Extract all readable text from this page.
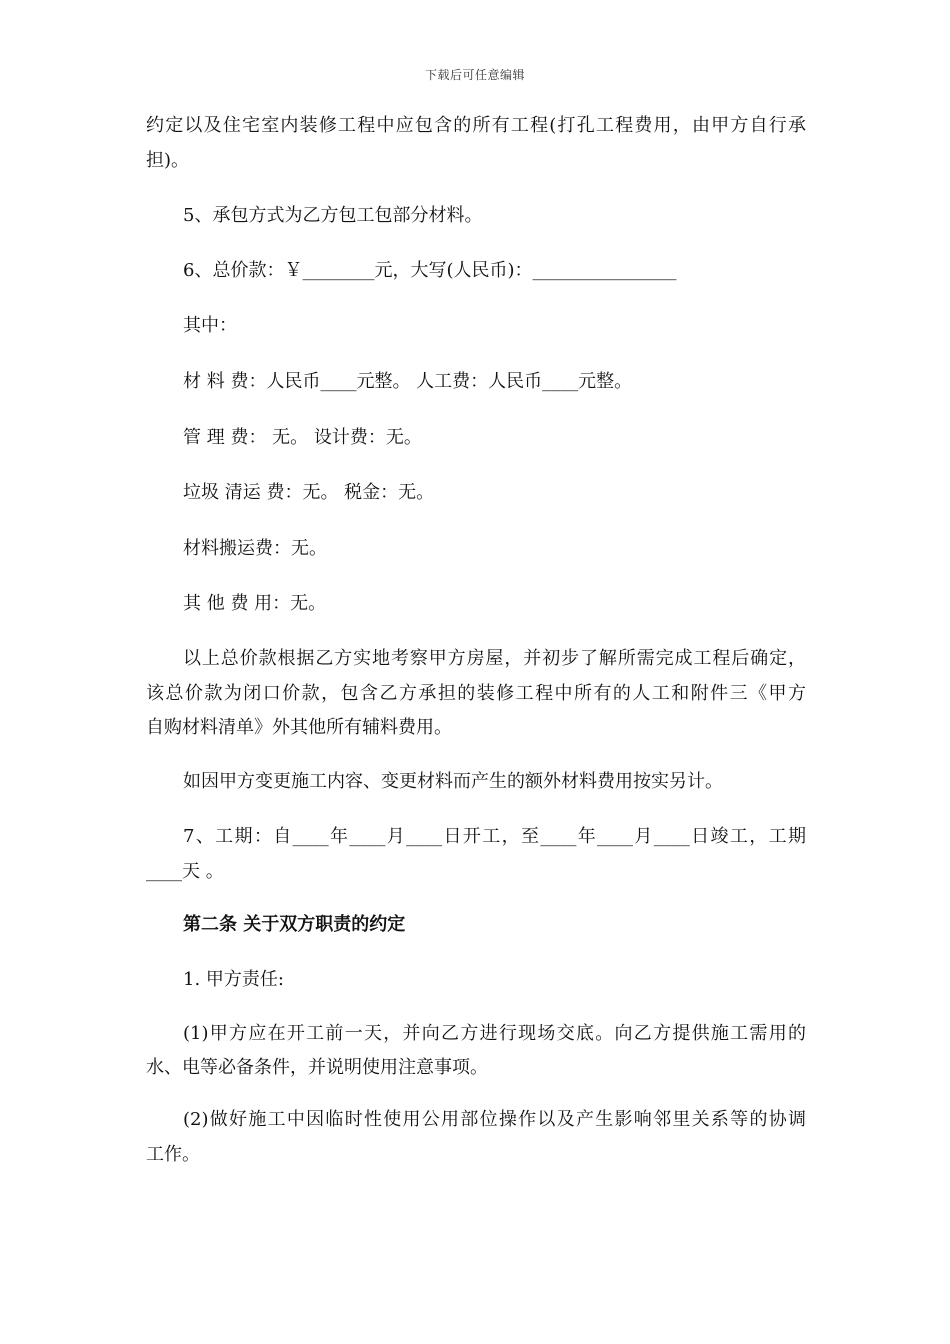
下载后可任意编辑
约定以及住宅室内装修工程中应包含的所有工程(打孔工程费用，由甲方自行承
担)。
5、承包方式为乙方包工包部分材料。
6、总价款：￥________元，大写(人民币)：________________
其中：
材 料 费：人民币____元整。 人工费：人民币____元整。
管 理 费： 无。 设计费：无。
垃圾 清运 费：无。 税金：无。
材料搬运费：无。
其 他 费 用：无。
以上总价款根据乙方实地考察甲方房屋，并初步了解所需完成工程后确定，
该总价款为闭口价款，包含乙方承担的装修工程中所有的人工和附件三《甲方
自购材料清单》外其他所有辅料费用。
如因甲方变更施工内容、变更材料而产生的额外材料费用按实另计。
7、工期：自____年____月____日开工，至____年____月____日竣工，工期
____天 。
第二条 关于双方职责的约定
1. 甲方责任:
(1)甲方应在开工前一天，并向乙方进行现场交底。向乙方提供施工需用的
水、电等必备条件，并说明使用注意事项。
(2)做好施工中因临时性使用公用部位操作以及产生影响邻里关系等的协调
工作。
